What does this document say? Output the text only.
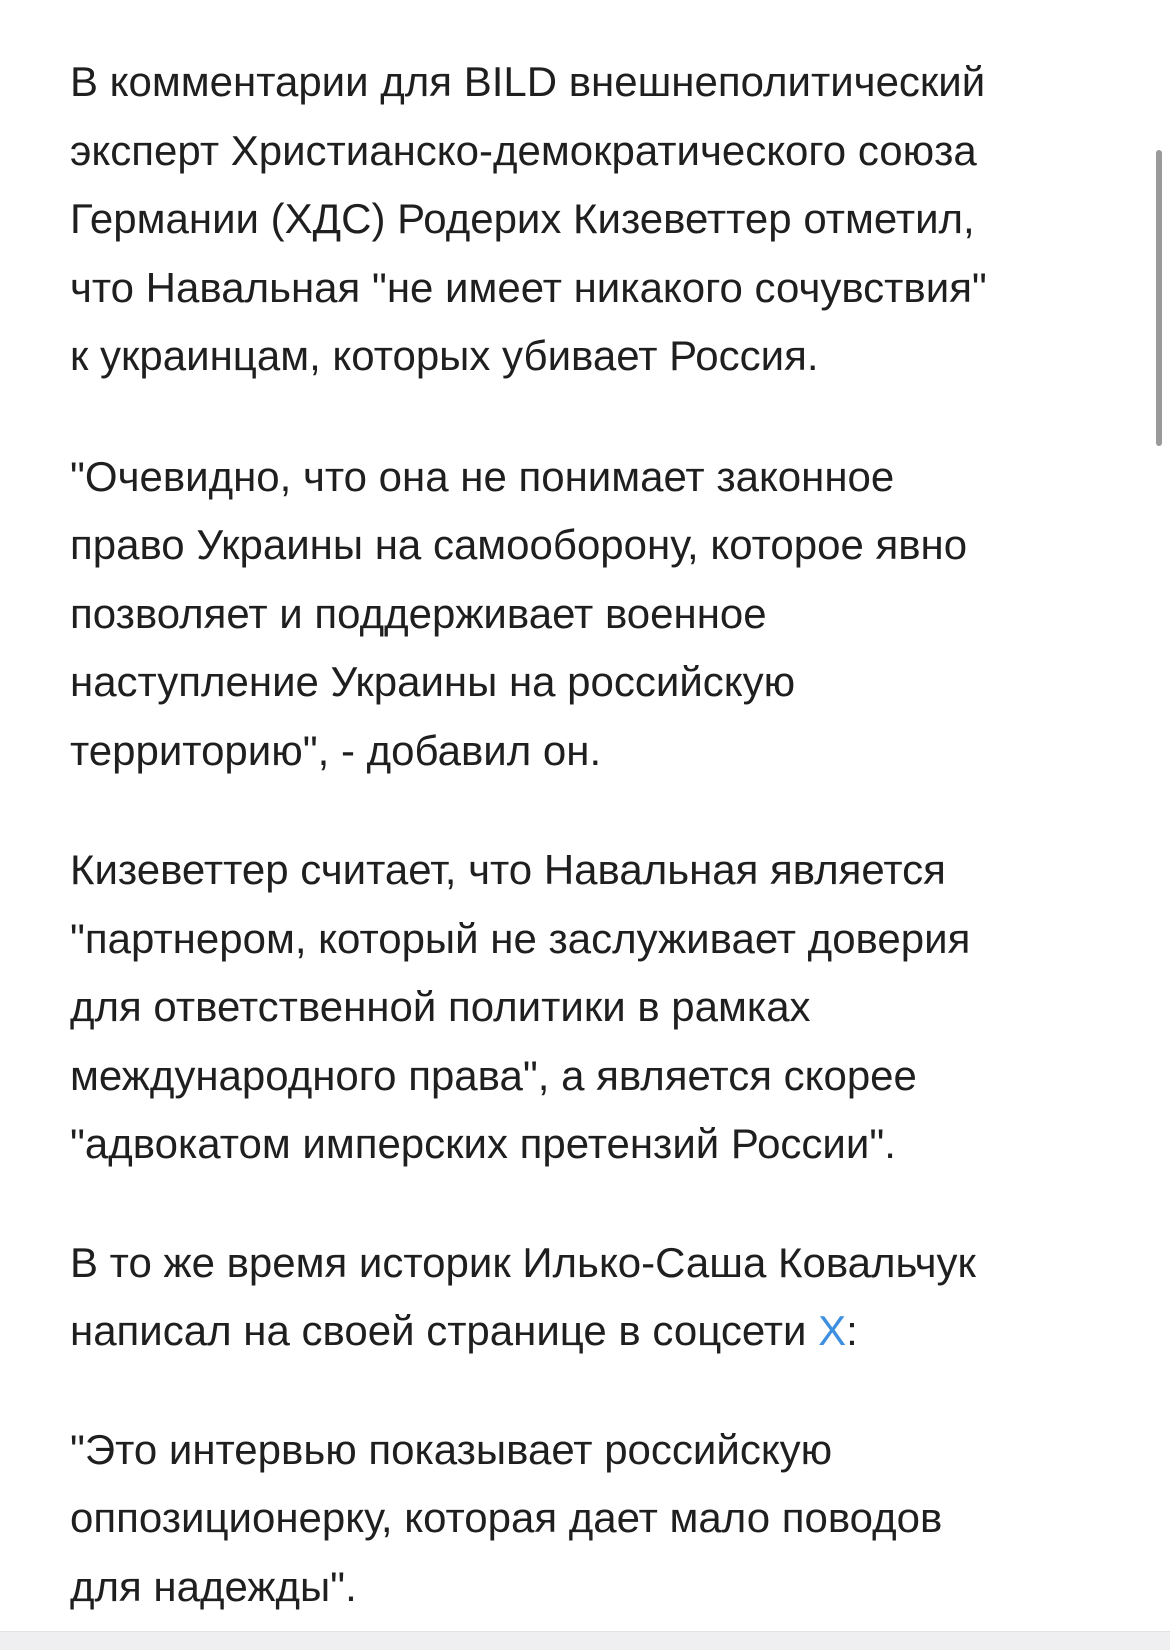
В комментарии для BILD внешнеполитический
эксперт Христианско-демократического союза
Германии (ХДС) Родерих Кизеветтер отметил,
что Навальная "не имеет никакого сочувствия"
к украинцам, которых убивает Россия.

"Очевидно, что она не понимает законное
право Украины на самооборону, которое явно
позволяет и поддерживает военное
наступление Украины на российскую
территорию", - добавил он.

Кизеветтер считает, что Навальная является
"партнером, который не заслуживает доверия
для ответственной политики в рамках
международного права", а является скорее
"адвокатом имперских претензий России".

В то же время историк Илько-Саша Ковальчук
написал на своей странице в соцсети X:

"Это интервью показывает российскую
оппозиционерку, которая дает мало поводов
для надежды".
